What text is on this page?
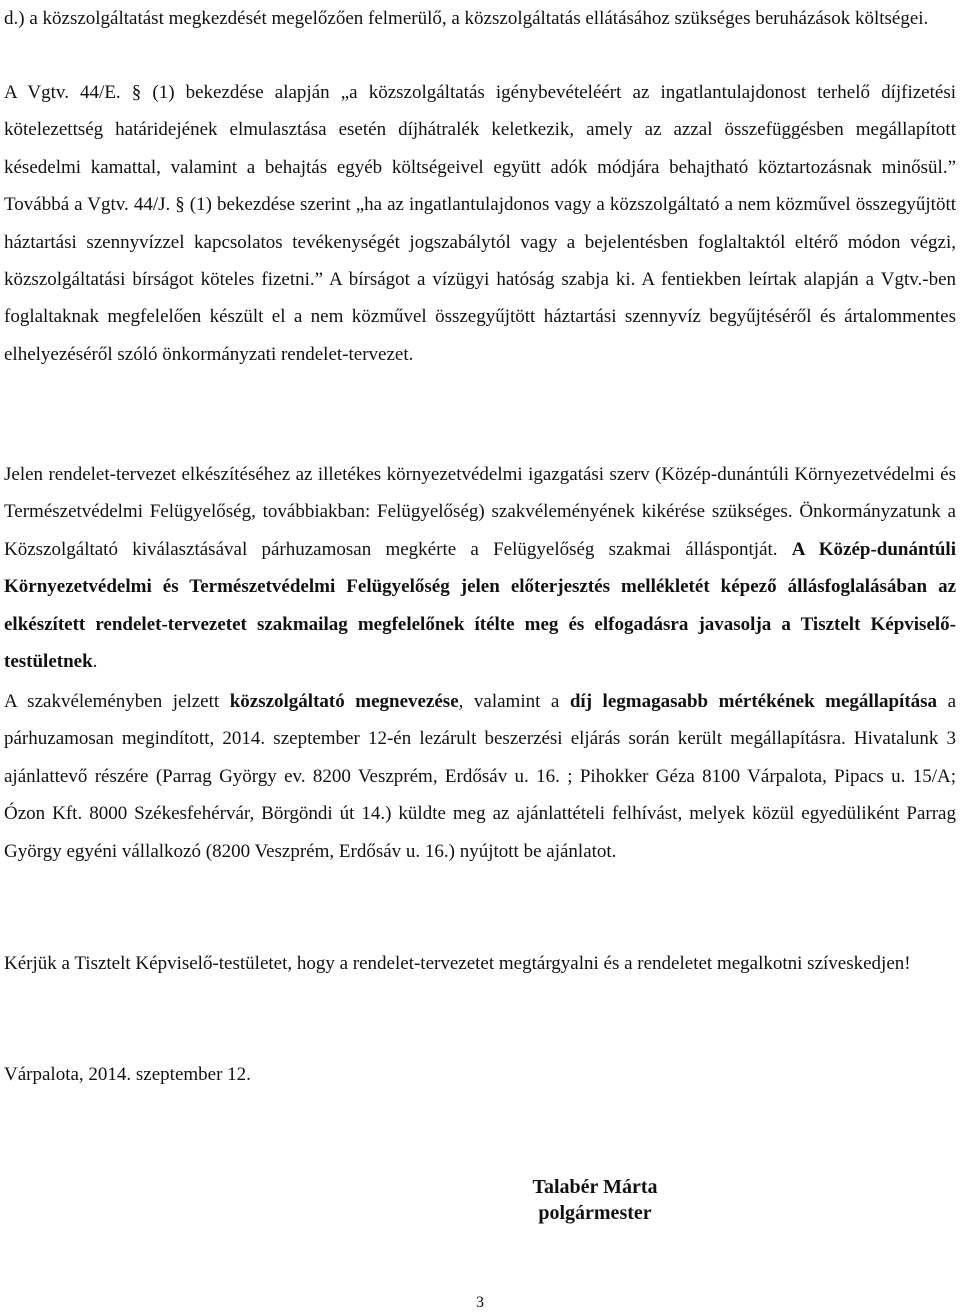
d.) a közszolgáltatást megkezdését megelőzően felmerülő, a közszolgáltatás ellátásához szükséges beruházások költségei.

A Vgtv. 44/E. § (1) bekezdése alapján „a közszolgáltatás igénybevételéért az ingatlantulajdonost terhelő díjfizetési kötelezettség határidejének elmulasztása esetén díjhátralék keletkezik, amely az azzal összefüggésben megállapított késedelmi kamattal, valamint a behajtás egyéb költségeivel együtt adók módjára behajtható köztartozásnak minősül.” Továbbá a Vgtv. 44/J. § (1) bekezdése szerint „ha az ingatlantulajdonos vagy a közszolgáltató a nem közművel összegyűjtött háztartási szennyvízzel kapcsolatos tevékenységét jogszabálytól vagy a bejelentésben foglaltaktól eltérő módon végzi, közszolgáltatási bírságot köteles fizetni.” A bírságot a vízügyi hatóság szabja ki. A fentiekben leírtak alapján a Vgtv.-ben foglaltaknak megfelelően készült el a nem közművel összegyűjtött háztartási szennyvíz begyűjtéséről és ártalommentes elhelyezéséről szóló önkormányzati rendelet-tervezet.

Jelen rendelet-tervezet elkészítéséhez az illetékes környezetvédelmi igazgatási szerv (Közép-dunántúli Környezetvédelmi és Természetvédelmi Felügyelőség, továbbiakban: Felügyelőség) szakvéleményének kikérése szükséges. Önkormányzatunk a Közszolgáltató kiválasztásával párhuzamosan megkérte a Felügyelőség szakmai álláspontját. A Közép-dunántúli Környezetvédelmi és Természetvédelmi Felügyelőség jelen előterjesztés mellékletét képező állásfoglalásában az elkészített rendelet-tervezetet szakmailag megfelelőnek ítélte meg és elfogadásra javasolja a Tisztelt Képviselő-testületnek.

A szakvéleményben jelzett közszolgáltató megnevezése, valamint a díj legmagasabb mértékének megállapítása a párhuzamosan megindított, 2014. szeptember 12-én lezárult beszerzési eljárás során került megállapításra. Hivatalunk 3 ajánlattevő részére (Parrag György ev. 8200 Veszprém, Erdősáv u. 16. ; Pihokker Géza 8100 Várpalota, Pipacs u. 15/A; Ózon Kft. 8000 Székesfehérvár, Börgöndi út 14.) küldte meg az ajánlattételi felhívást, melyek közül egyedüliként Parrag György egyéni vállalkozó (8200 Veszprém, Erdősáv u. 16.) nyújtott be ajánlatot.

Kérjük a Tisztelt Képviselő-testületet, hogy a rendelet-tervezetet megtárgyalni és a rendeletet megalkotni szíveskedjen!

Várpalota, 2014. szeptember 12.

Talabér Márta
polgármester
3
